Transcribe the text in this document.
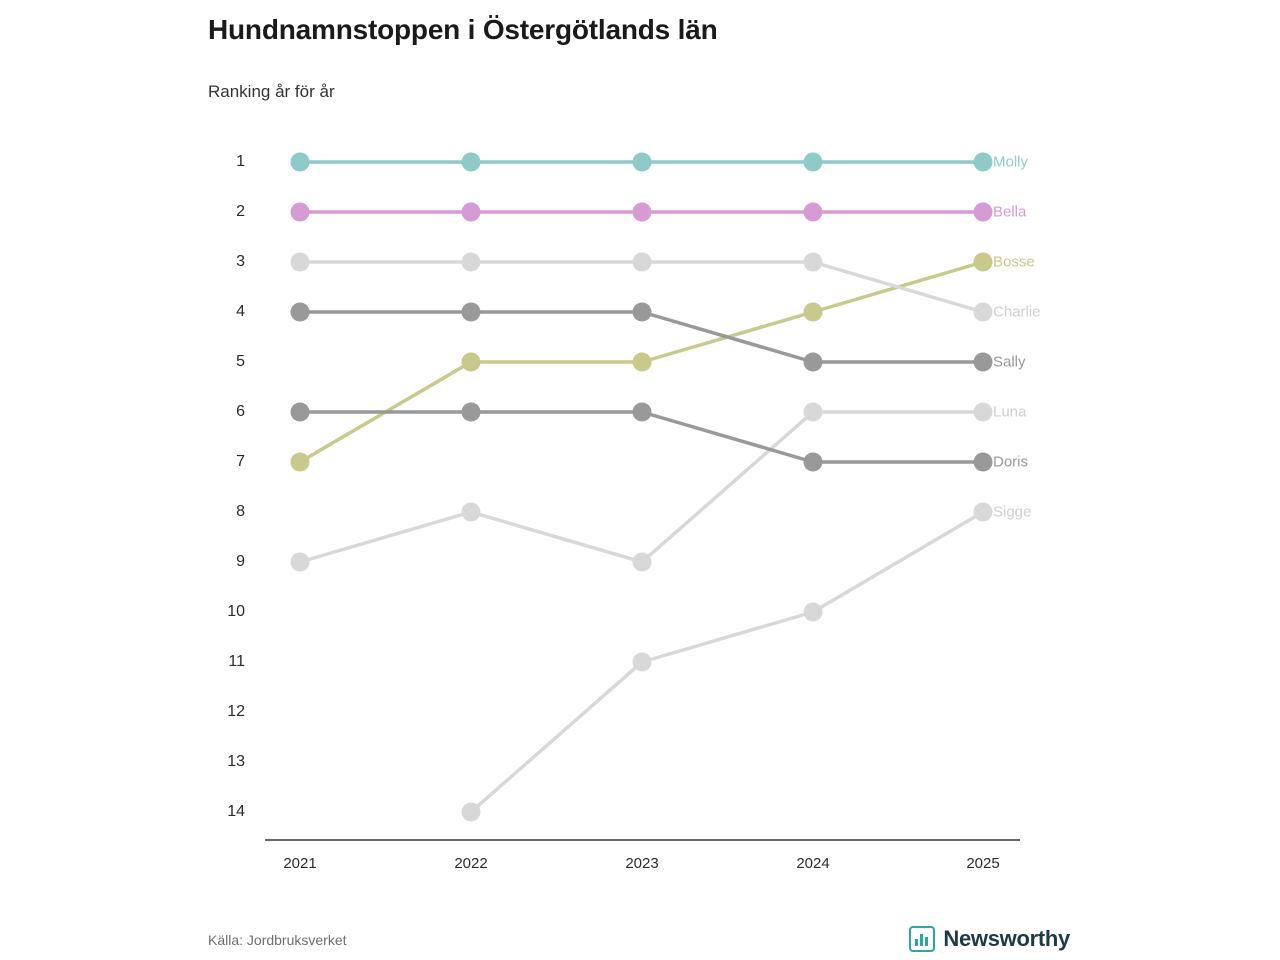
Hundnamnstoppen i Östergötlands län
Ranking år för år
1
2
3
4
5
6
7
8
9
10
11
12
13
14
2021	2022	2023	2024	2025
Molly
Bella
Bosse
Charlie
Sally
Luna
Doris
Sigge
Källa: Jordbruksverket	Newsworthy
